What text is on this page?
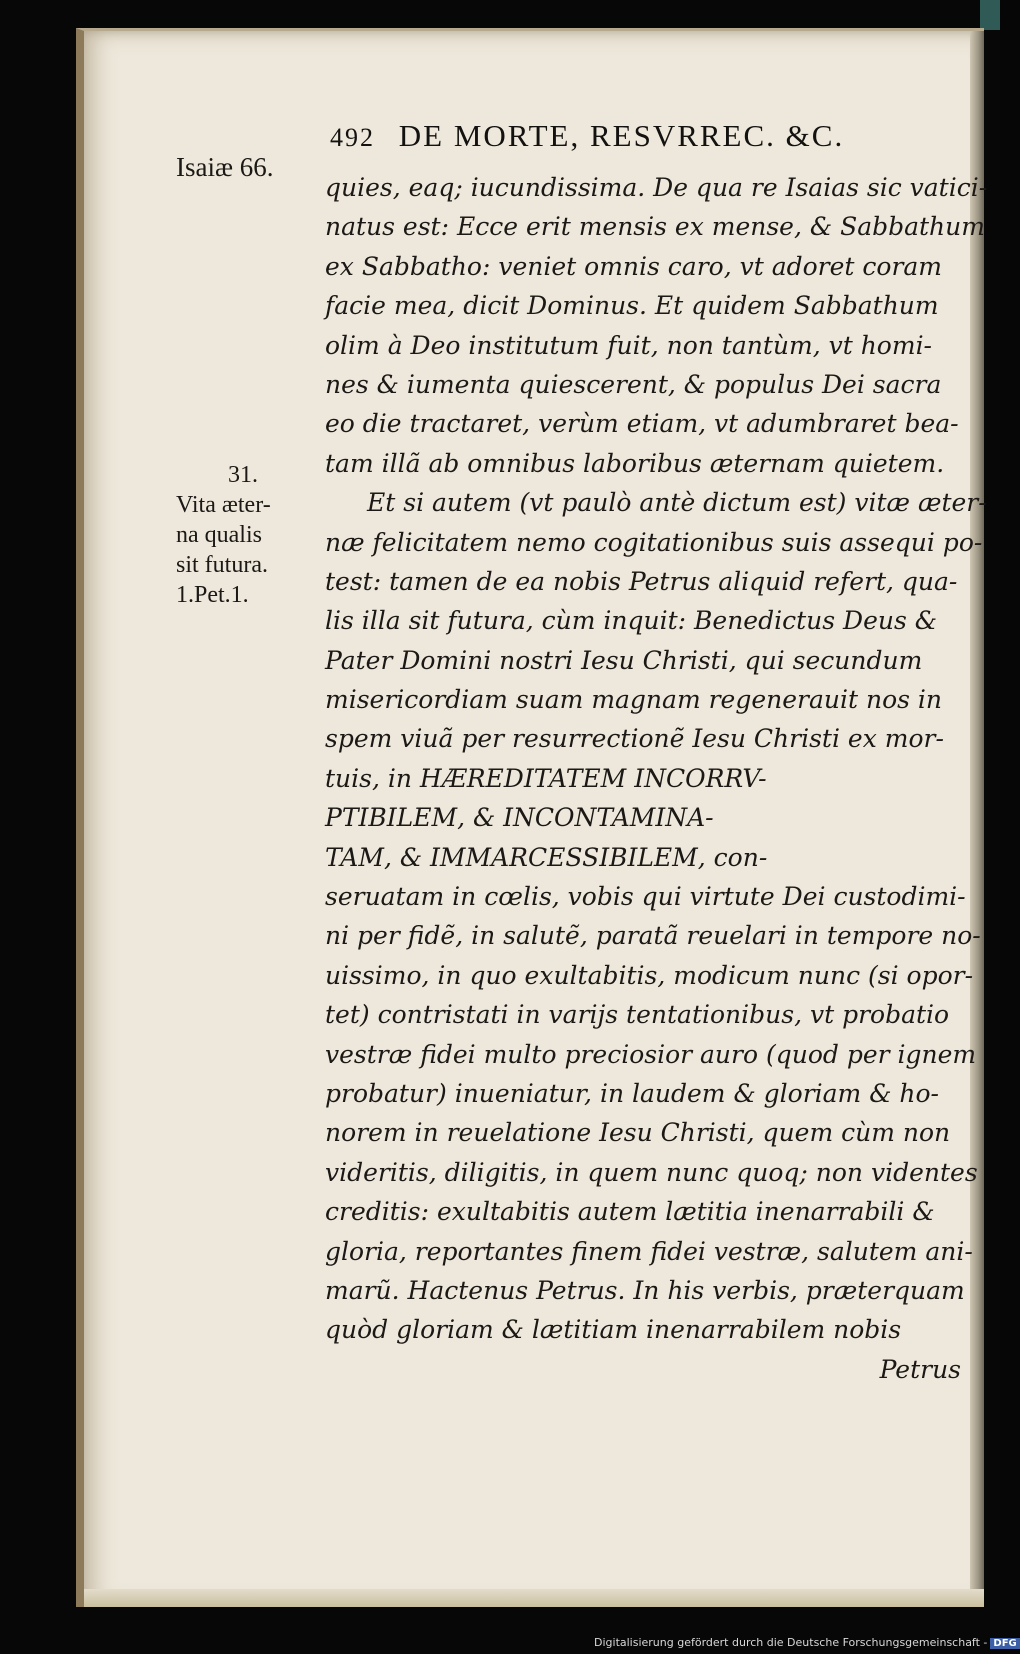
492 DE MORTE, RESVRREC. &C.
Isaiæ 66.
31.
Vita æter-
na qualis
sit futura.
1.Pet.1.
quies, eaq; iucundissima. De qua re Isaias sic vatici-
natus est: Ecce erit mensis ex mense, & Sabbathum
ex Sabbatho: veniet omnis caro, vt adoret coram
facie mea, dicit Dominus. Et quidem Sabbathum
olim à Deo institutum fuit, non tantùm, vt homi-
nes & iumenta quiescerent, & populus Dei sacra
eo die tractaret, verùm etiam, vt adumbraret bea-
tam illã ab omnibus laboribus æternam quietem.
Et si autem (vt paulò antè dictum est) vitæ æter-
næ felicitatem nemo cogitationibus suis assequi po-
test: tamen de ea nobis Petrus aliquid refert, qua-
lis illa sit futura, cùm inquit: Benedictus Deus &
Pater Domini nostri Iesu Christi, qui secundum
misericordiam suam magnam regenerauit nos in
spem viuã per resurrectionẽ Iesu Christi ex mor-
tuis, in HÆREDITATEM INCORRV-
PTIBILEM, & INCONTAMINA-
TAM, & IMMARCESSIBILEM, con-
seruatam in cœlis, vobis qui virtute Dei custodimi-
ni per fidẽ, in salutẽ, paratã reuelari in tempore no-
uissimo, in quo exultabitis, modicum nunc (si opor-
tet) contristati in varijs tentationibus, vt probatio
vestræ fidei multo preciosior auro (quod per ignem
probatur) inueniatur, in laudem & gloriam & ho-
norem in reuelatione Iesu Christi, quem cùm non
videritis, diligitis, in quem nunc quoq; non videntes
creditis: exultabitis autem lætitia inenarrabili &
gloria, reportantes finem fidei vestræ, salutem ani-
marũ. Hactenus Petrus. In his verbis, præterquam
quòd gloriam & lætitiam inenarrabilem nobis
Petrus
Digitalisierung gefördert durch die Deutsche Forschungsgemeinschaft - DFG
